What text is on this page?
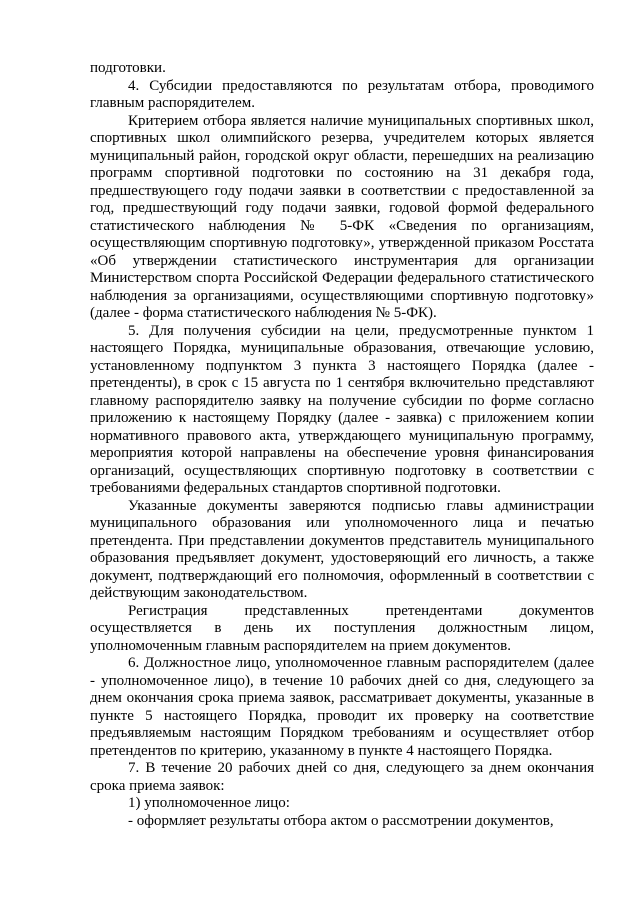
подготовки.

4. Субсидии предоставляются по результатам отбора, проводимого главным распорядителем.

Критерием отбора является наличие муниципальных спортивных школ, спортивных школ олимпийского резерва, учредителем которых является муниципальный район, городской округ области, перешедших на реализацию программ спортивной подготовки по состоянию на 31 декабря года, предшествующего году подачи заявки в соответствии с предоставленной за год, предшествующий году подачи заявки, годовой формой федерального статистического наблюдения № 5-ФК «Сведения по организациям, осуществляющим спортивную подготовку», утвержденной приказом Росстата «Об утверждении статистического инструментария для организации Министерством спорта Российской Федерации федерального статистического наблюдения за организациями, осуществляющими спортивную подготовку» (далее - форма статистического наблюдения № 5-ФК).

5. Для получения субсидии на цели, предусмотренные пунктом 1 настоящего Порядка, муниципальные образования, отвечающие условию, установленному подпунктом 3 пункта 3 настоящего Порядка (далее - претенденты), в срок с 15 августа по 1 сентября включительно представляют главному распорядителю заявку на получение субсидии по форме согласно приложению к настоящему Порядку (далее - заявка) с приложением копии нормативного правового акта, утверждающего муниципальную программу, мероприятия которой направлены на обеспечение уровня финансирования организаций, осуществляющих спортивную подготовку в соответствии с требованиями федеральных стандартов спортивной подготовки.

Указанные документы заверяются подписью главы администрации муниципального образования или уполномоченного лица и печатью претендента. При представлении документов представитель муниципального образования предъявляет документ, удостоверяющий его личность, а также документ, подтверждающий его полномочия, оформленный в соответствии с действующим законодательством.

Регистрация представленных претендентами документов осуществляется в день их поступления должностным лицом, уполномоченным главным распорядителем на прием документов.

6. Должностное лицо, уполномоченное главным распорядителем (далее - уполномоченное лицо), в течение 10 рабочих дней со дня, следующего за днем окончания срока приема заявок, рассматривает документы, указанные в пункте 5 настоящего Порядка, проводит их проверку на соответствие предъявляемым настоящим Порядком требованиям и осуществляет отбор претендентов по критерию, указанному в пункте 4 настоящего Порядка.

7. В течение 20 рабочих дней со дня, следующего за днем окончания срока приема заявок:

1) уполномоченное лицо:

- оформляет результаты отбора актом о рассмотрении документов,
